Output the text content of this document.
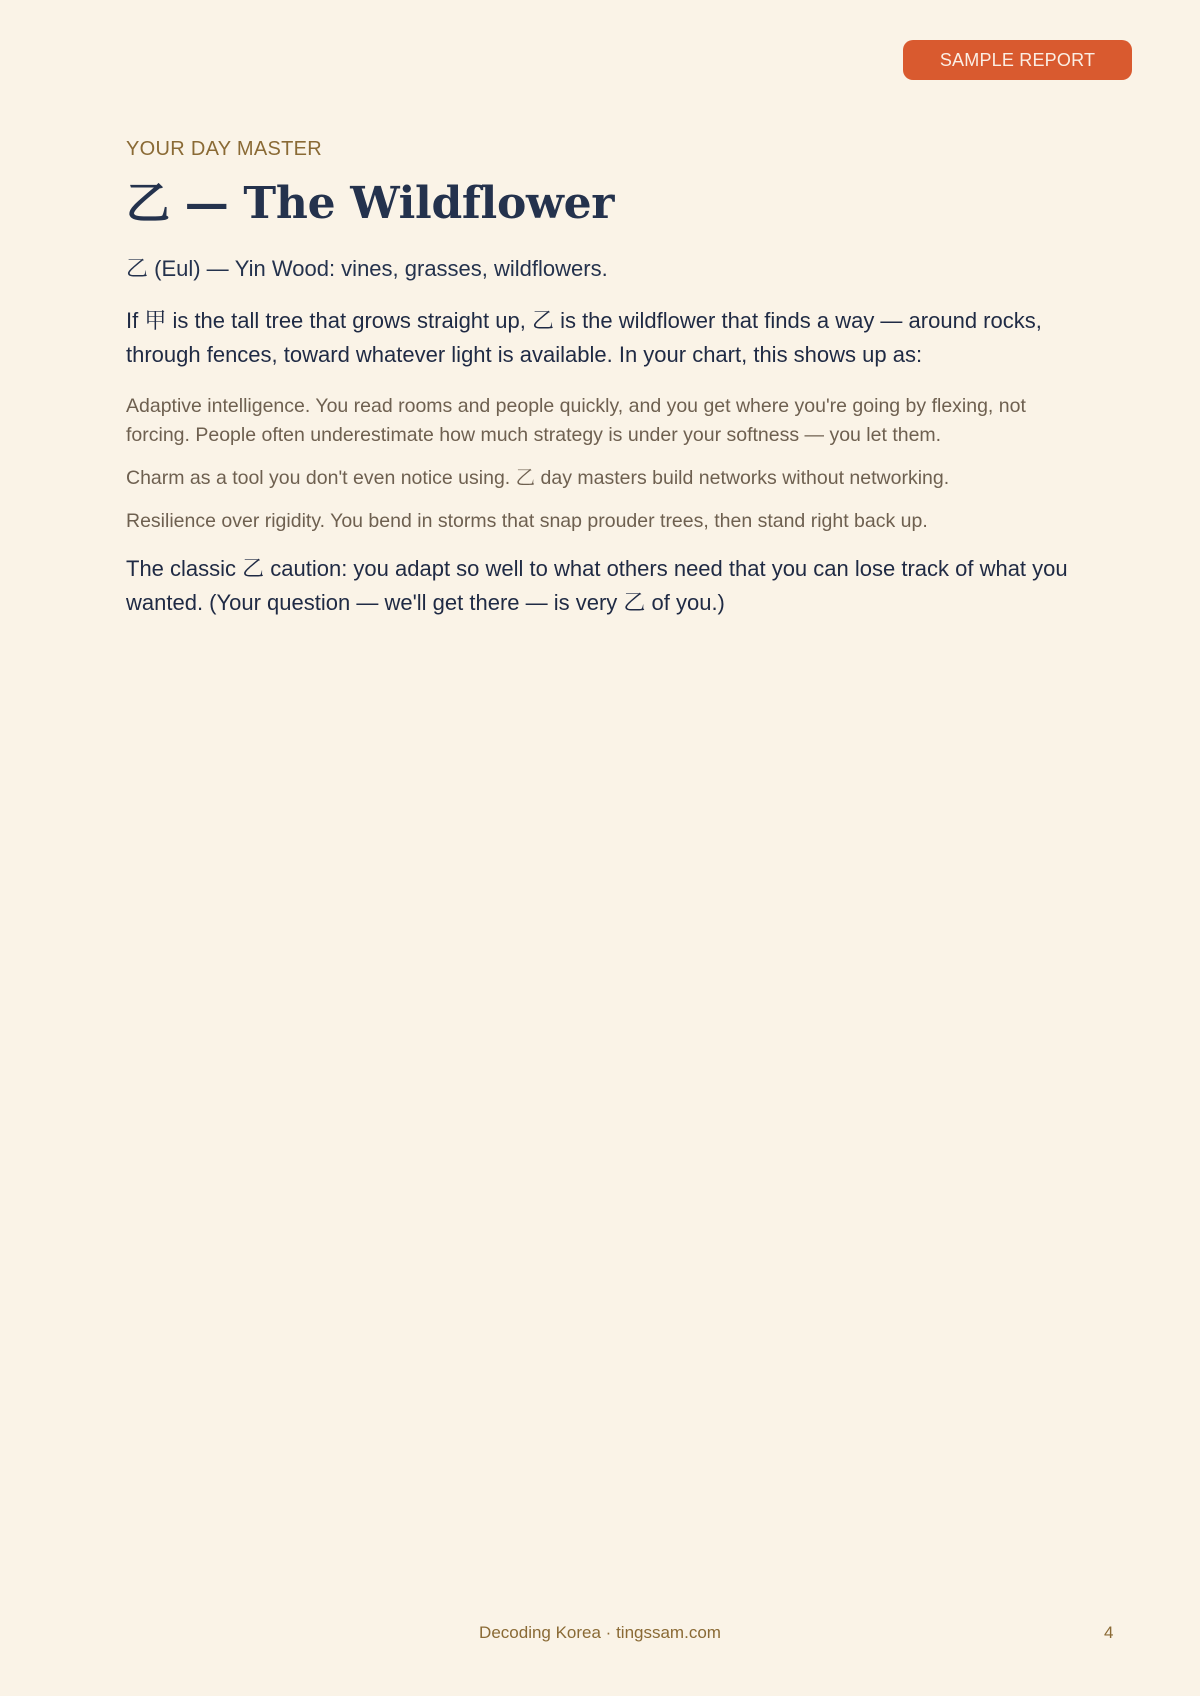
SAMPLE REPORT

YOUR DAY MASTER

乙 — The Wildflower

乙 (Eul) — Yin Wood: vines, grasses, wildflowers.

If 甲 is the tall tree that grows straight up, 乙 is the wildflower that finds a way — around rocks, through fences, toward whatever light is available. In your chart, this shows up as:

Adaptive intelligence. You read rooms and people quickly, and you get where you're going by flexing, not forcing. People often underestimate how much strategy is under your softness — you let them.

Charm as a tool you don't even notice using. 乙 day masters build networks without networking.

Resilience over rigidity. You bend in storms that snap prouder trees, then stand right back up.

The classic 乙 caution: you adapt so well to what others need that you can lose track of what you wanted. (Your question — we'll get there — is very 乙 of you.)

Decoding Korea · tingssam.com	4
